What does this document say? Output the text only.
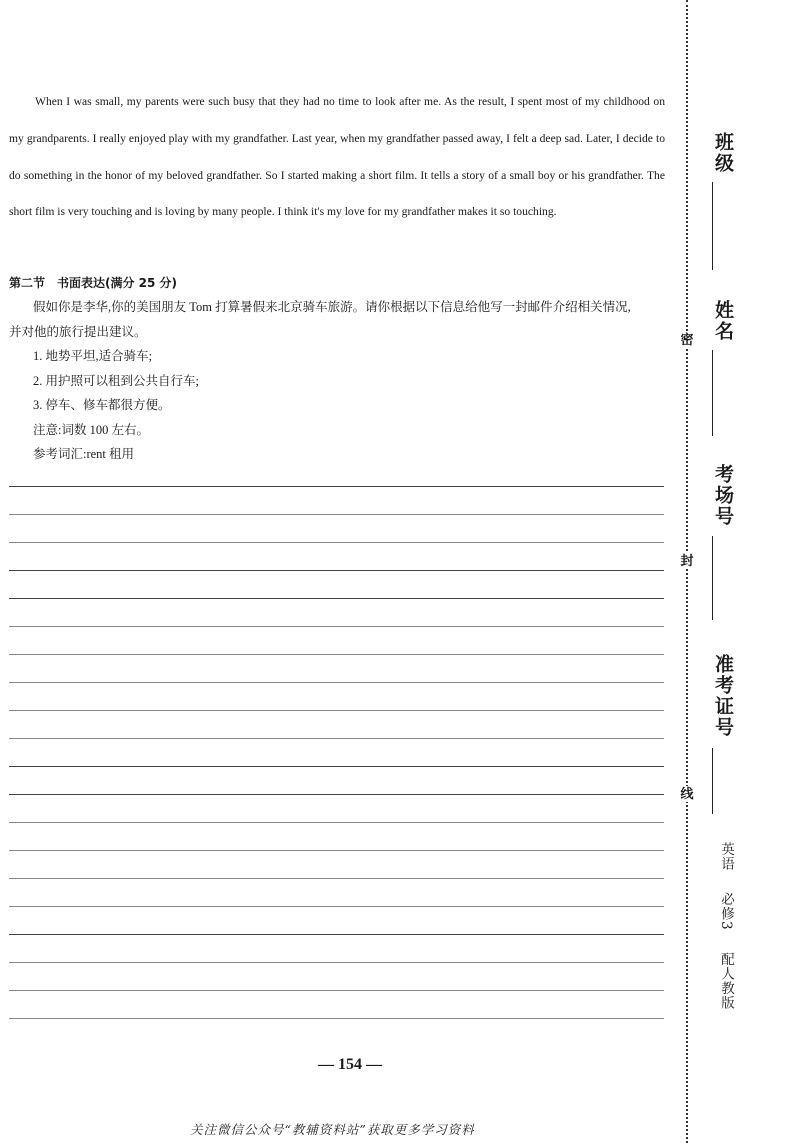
When I was small, my parents were such busy that they had no time to look after me. As the result, I spent most of my childhood on my grandparents. I really enjoyed play with my grandfather. Last year, when my grandfather passed away, I felt a deep sad. Later, I decide to do something in the honor of my beloved grandfather. So I started making a short film. It tells a story of a small boy or his grandfather. The short film is very touching and is loving by many people. I think it's my love for my grandfather makes it so touching.

第二节 书面表达(满分 25 分)

假如你是李华,你的美国朋友 Tom 打算暑假来北京骑车旅游。请你根据以下信息给他写一封邮件介绍相关情况,

并对他的旅行提出建议。

1. 地势平坦,适合骑车;

2. 用护照可以租到公共自行车;

3. 停车、修车都很方便。

注意:词数 100 左右。

参考词汇:rent 租用

— 154 —
关注微信公众号“教辅资料站”获取更多学习资料
密
封
线
班级
姓名
考场号
准考证号
英语 必修3 配人教版
